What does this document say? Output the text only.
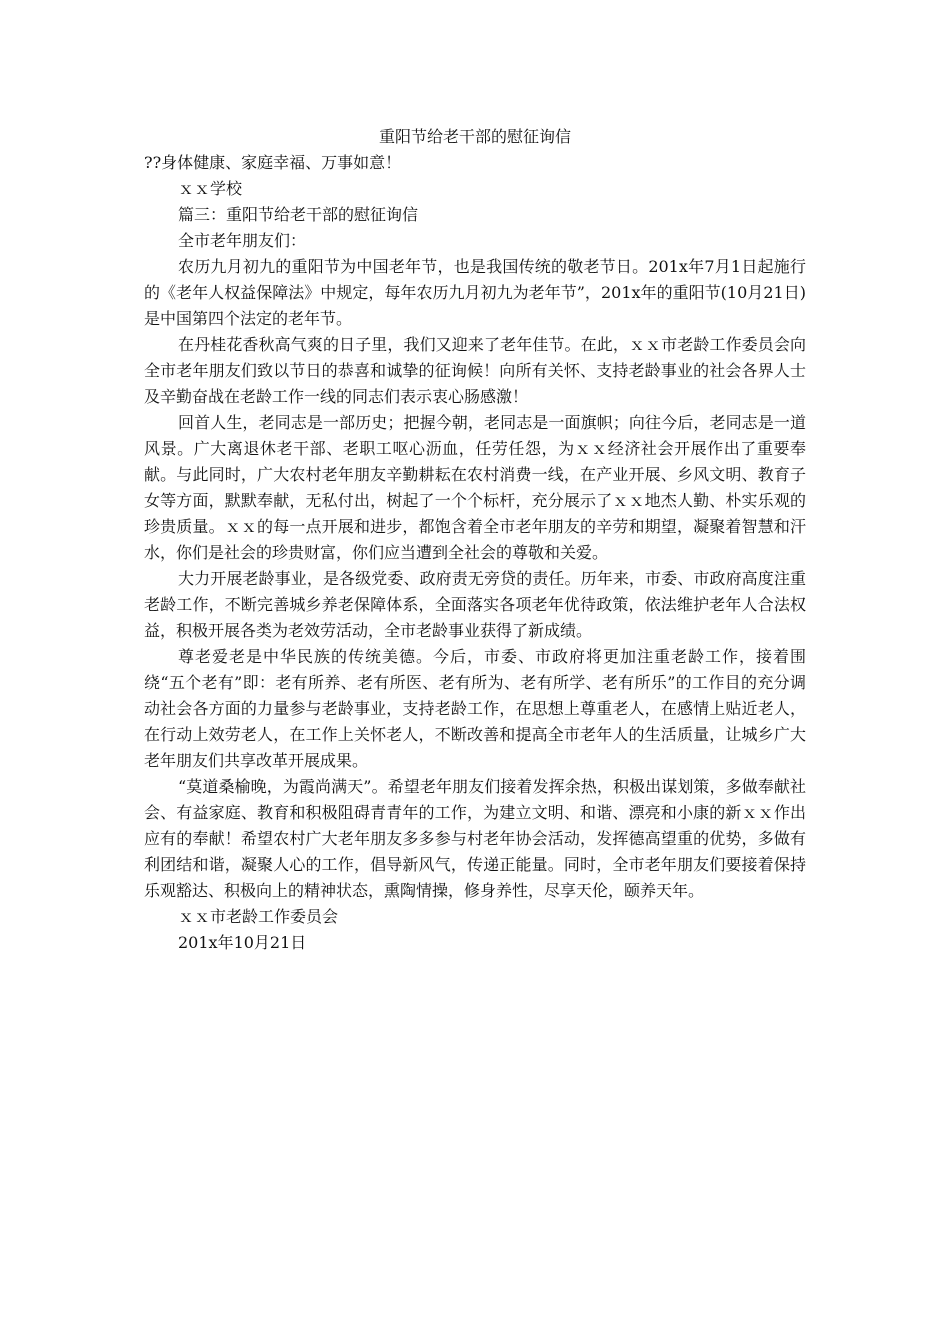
重阳节给老干部的慰征询信

??身体健康、家庭幸福、万事如意！

ｘｘ学校

篇三：重阳节给老干部的慰征询信

全市老年朋友们：

农历九月初九的重阳节为中国老年节，也是我国传统的敬老节日。201x年7月1日起施行的《老年人权益保障法》中规定，每年农历九月初九为老年节”，201x年的重阳节(10月21日)是中国第四个法定的老年节。

在丹桂花香秋高气爽的日子里，我们又迎来了老年佳节。在此，ｘｘ市老龄工作委员会向全市老年朋友们致以节日的恭喜和诚挚的征询候！向所有关怀、支持老龄事业的社会各界人士及辛勤奋战在老龄工作一线的同志们表示衷心肠感激！

回首人生，老同志是一部历史；把握今朝，老同志是一面旗帜；向往今后，老同志是一道风景。广大离退休老干部、老职工呕心沥血，任劳任怨，为ｘｘ经济社会开展作出了重要奉献。与此同时，广大农村老年朋友辛勤耕耘在农村消费一线，在产业开展、乡风文明、教育子女等方面，默默奉献，无私付出，树起了一个个标杆，充分展示了ｘｘ地杰人勤、朴实乐观的珍贵质量。ｘｘ的每一点开展和进步，都饱含着全市老年朋友的辛劳和期望，凝聚着智慧和汗水，你们是社会的珍贵财富，你们应当遭到全社会的尊敬和关爱。

大力开展老龄事业，是各级党委、政府责无旁贷的责任。历年来，市委、市政府高度注重老龄工作，不断完善城乡养老保障体系，全面落实各项老年优待政策，依法维护老年人合法权益，积极开展各类为老效劳活动，全市老龄事业获得了新成绩。

尊老爱老是中华民族的传统美德。今后，市委、市政府将更加注重老龄工作，接着围绕“五个老有”即：老有所养、老有所医、老有所为、老有所学、老有所乐”的工作目的充分调动社会各方面的力量参与老龄事业，支持老龄工作，在思想上尊重老人，在感情上贴近老人，在行动上效劳老人，在工作上关怀老人，不断改善和提高全市老年人的生活质量，让城乡广大老年朋友们共享改革开展成果。

“莫道桑榆晚，为霞尚满天”。希望老年朋友们接着发挥余热，积极出谋划策，多做奉献社会、有益家庭、教育和积极阻碍青青年的工作，为建立文明、和谐、漂亮和小康的新ｘｘ作出应有的奉献！希望农村广大老年朋友多多参与村老年协会活动，发挥德高望重的优势，多做有利团结和谐，凝聚人心的工作，倡导新风气，传递正能量。同时，全市老年朋友们要接着保持乐观豁达、积极向上的精神状态，熏陶情操，修身养性，尽享天伦，颐养天年。

ｘｘ市老龄工作委员会

201x年10月21日
